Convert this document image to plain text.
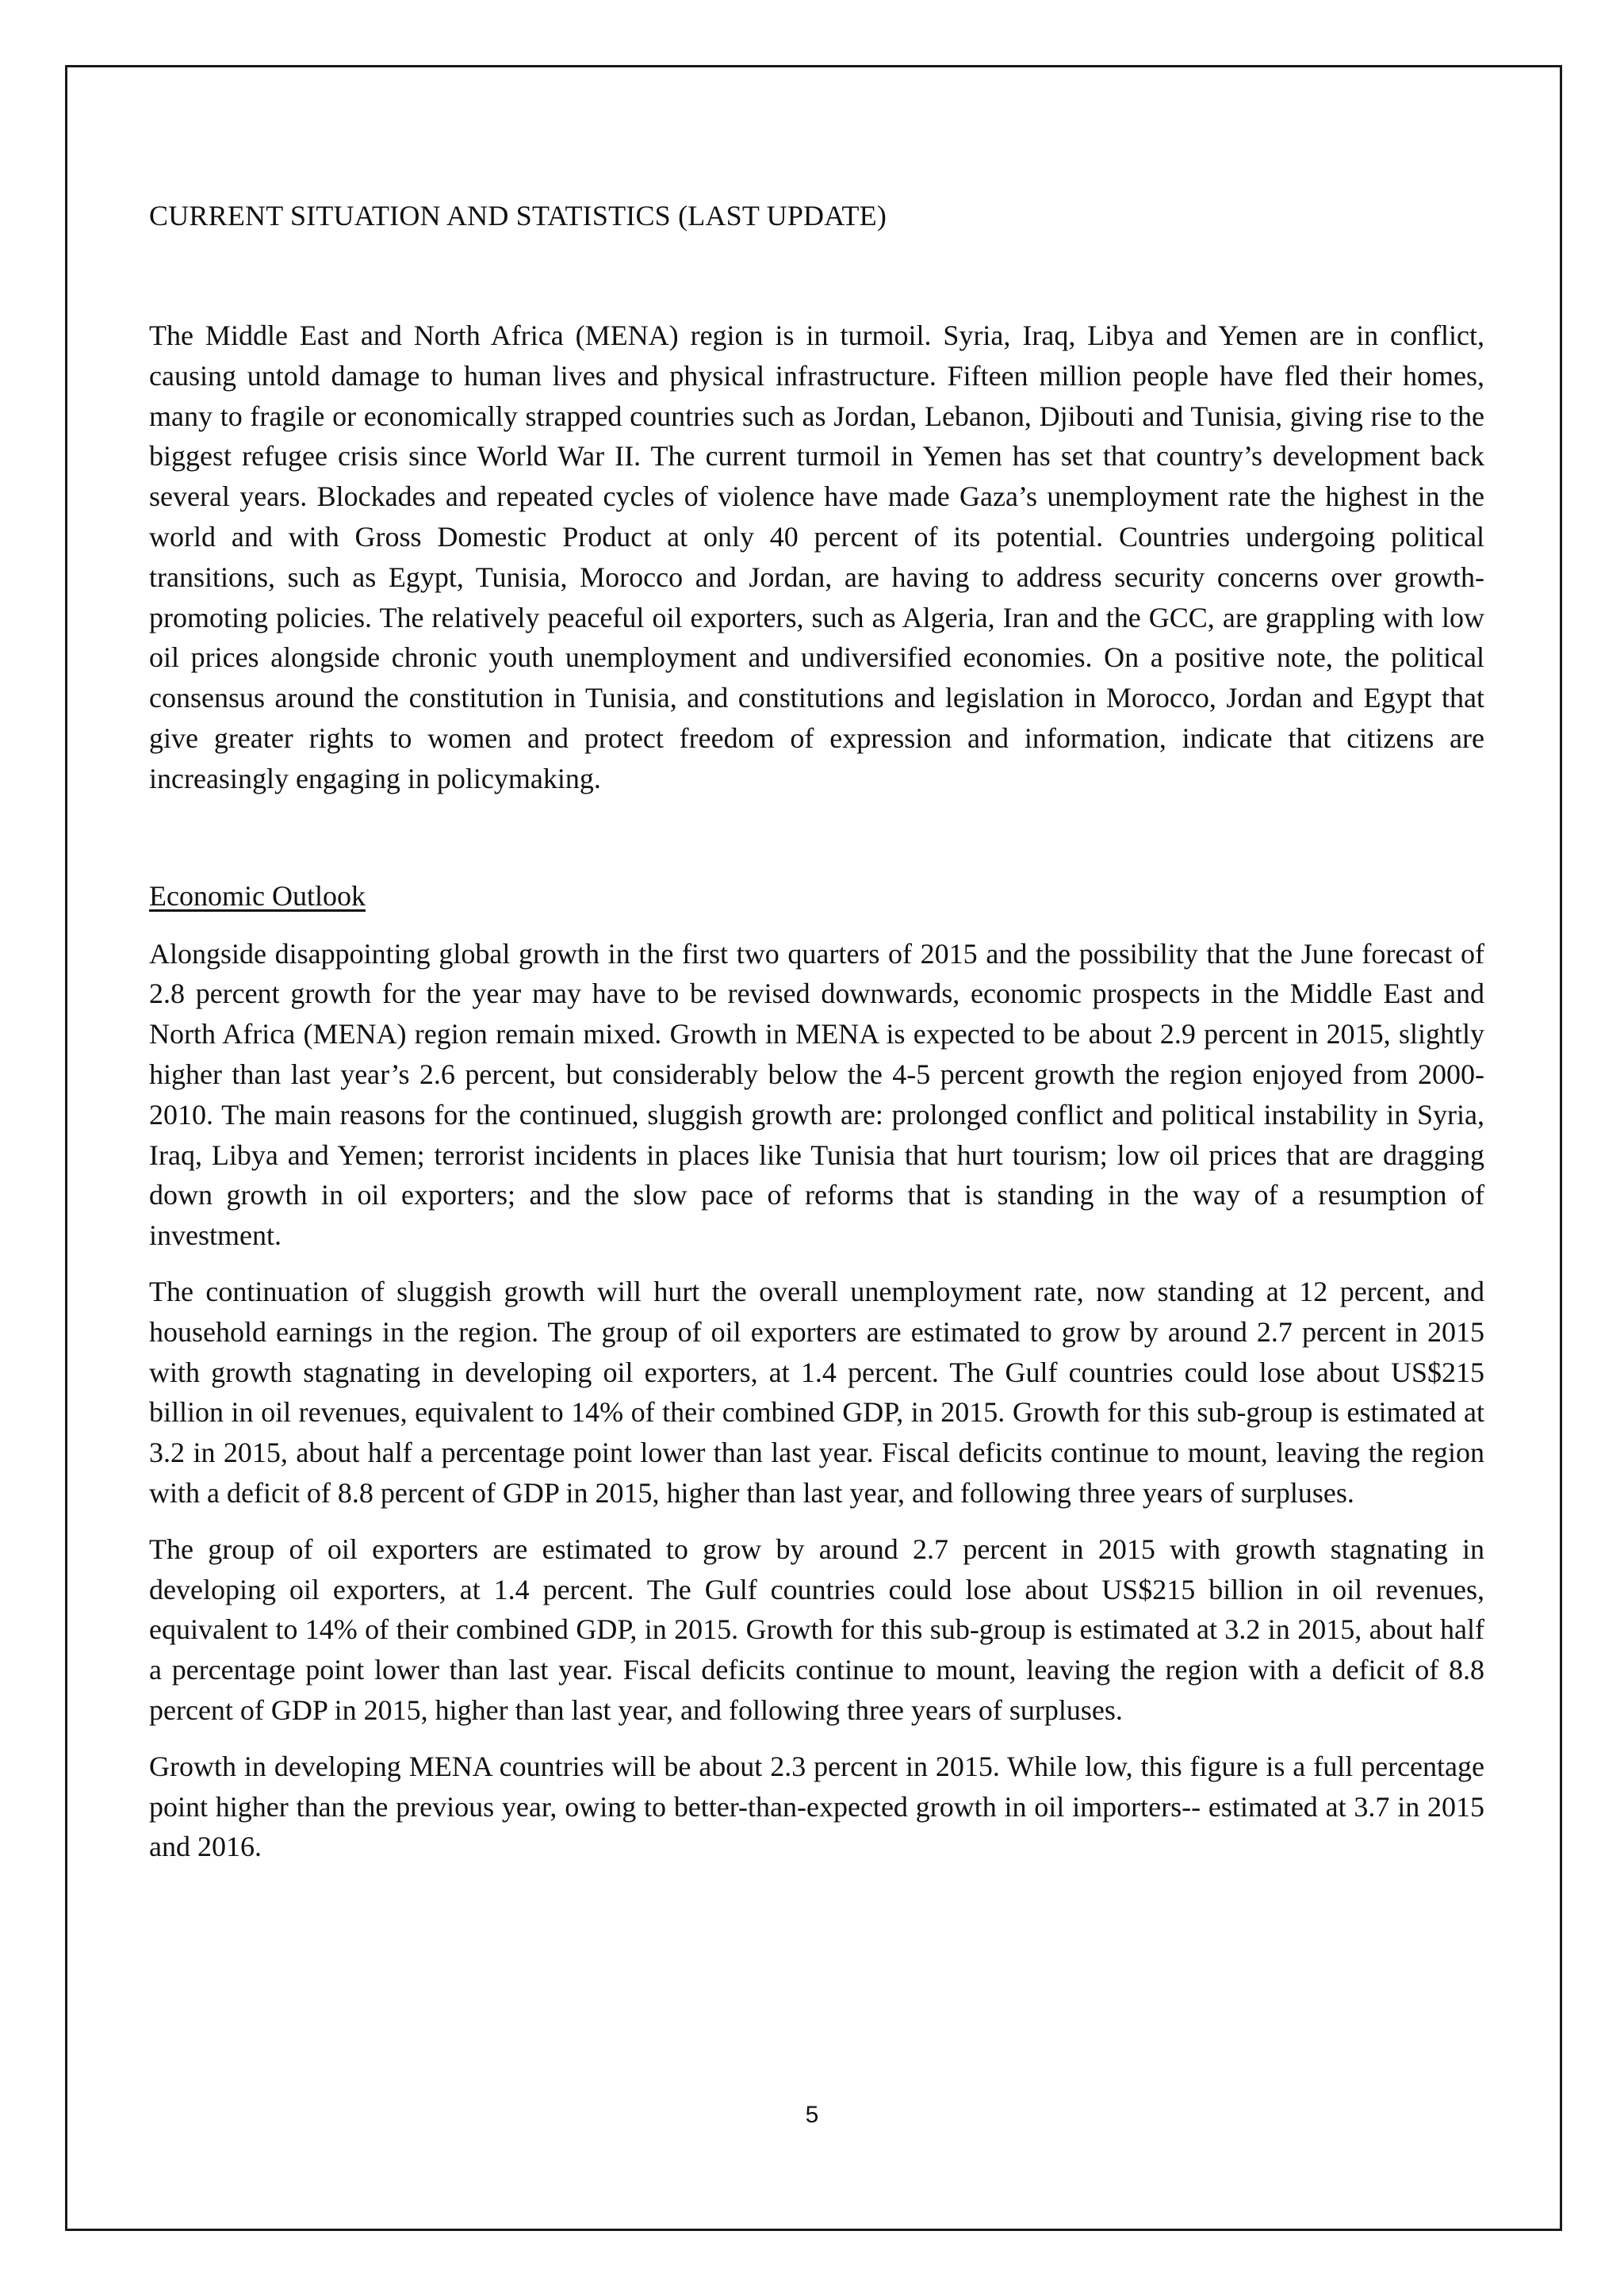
CURRENT SITUATION AND STATISTICS (LAST UPDATE)

The Middle East and North Africa (MENA) region is in turmoil. Syria, Iraq, Libya and Yemen are in conflict, causing untold damage to human lives and physical infrastructure. Fifteen million people have fled their homes, many to fragile or economically strapped countries such as Jordan, Lebanon, Djibouti and Tunisia, giving rise to the biggest refugee crisis since World War II. The current turmoil in Yemen has set that country’s development back several years. Blockades and repeated cycles of violence have made Gaza’s unemployment rate the highest in the world and with Gross Domestic Product at only 40 percent of its potential. Countries undergoing political transitions, such as Egypt, Tunisia, Morocco and Jordan, are having to address security concerns over growth-promoting policies. The relatively peaceful oil exporters, such as Algeria, Iran and the GCC, are grappling with low oil prices alongside chronic youth unemployment and undiversified economies. On a positive note, the political consensus around the constitution in Tunisia, and constitutions and legislation in Morocco, Jordan and Egypt that give greater rights to women and protect freedom of expression and information, indicate that citizens are increasingly engaging in policymaking.

Economic Outlook

Alongside disappointing global growth in the first two quarters of 2015 and the possibility that the June forecast of 2.8 percent growth for the year may have to be revised downwards, economic prospects in the Middle East and North Africa (MENA) region remain mixed. Growth in MENA is expected to be about 2.9 percent in 2015, slightly higher than last year’s 2.6 percent, but considerably below the 4-5 percent growth the region enjoyed from 2000-2010. The main reasons for the continued, sluggish growth are: prolonged conflict and political instability in Syria, Iraq, Libya and Yemen; terrorist incidents in places like Tunisia that hurt tourism; low oil prices that are dragging down growth in oil exporters; and the slow pace of reforms that is standing in the way of a resumption of investment.

The continuation of sluggish growth will hurt the overall unemployment rate, now standing at 12 percent, and household earnings in the region. The group of oil exporters are estimated to grow by around 2.7 percent in 2015 with growth stagnating in developing oil exporters, at 1.4 percent. The Gulf countries could lose about US$215 billion in oil revenues, equivalent to 14% of their combined GDP, in 2015. Growth for this sub-group is estimated at 3.2 in 2015, about half a percentage point lower than last year. Fiscal deficits continue to mount, leaving the region with a deficit of 8.8 percent of GDP in 2015, higher than last year, and following three years of surpluses.

The group of oil exporters are estimated to grow by around 2.7 percent in 2015 with growth stagnating in developing oil exporters, at 1.4 percent. The Gulf countries could lose about US$215 billion in oil revenues, equivalent to 14% of their combined GDP, in 2015. Growth for this sub-group is estimated at 3.2 in 2015, about half a percentage point lower than last year. Fiscal deficits continue to mount, leaving the region with a deficit of 8.8 percent of GDP in 2015, higher than last year, and following three years of surpluses.

Growth in developing MENA countries will be about 2.3 percent in 2015. While low, this figure is a full percentage point higher than the previous year, owing to better-than-expected growth in oil importers-- estimated at 3.7 in 2015 and 2016.

5
